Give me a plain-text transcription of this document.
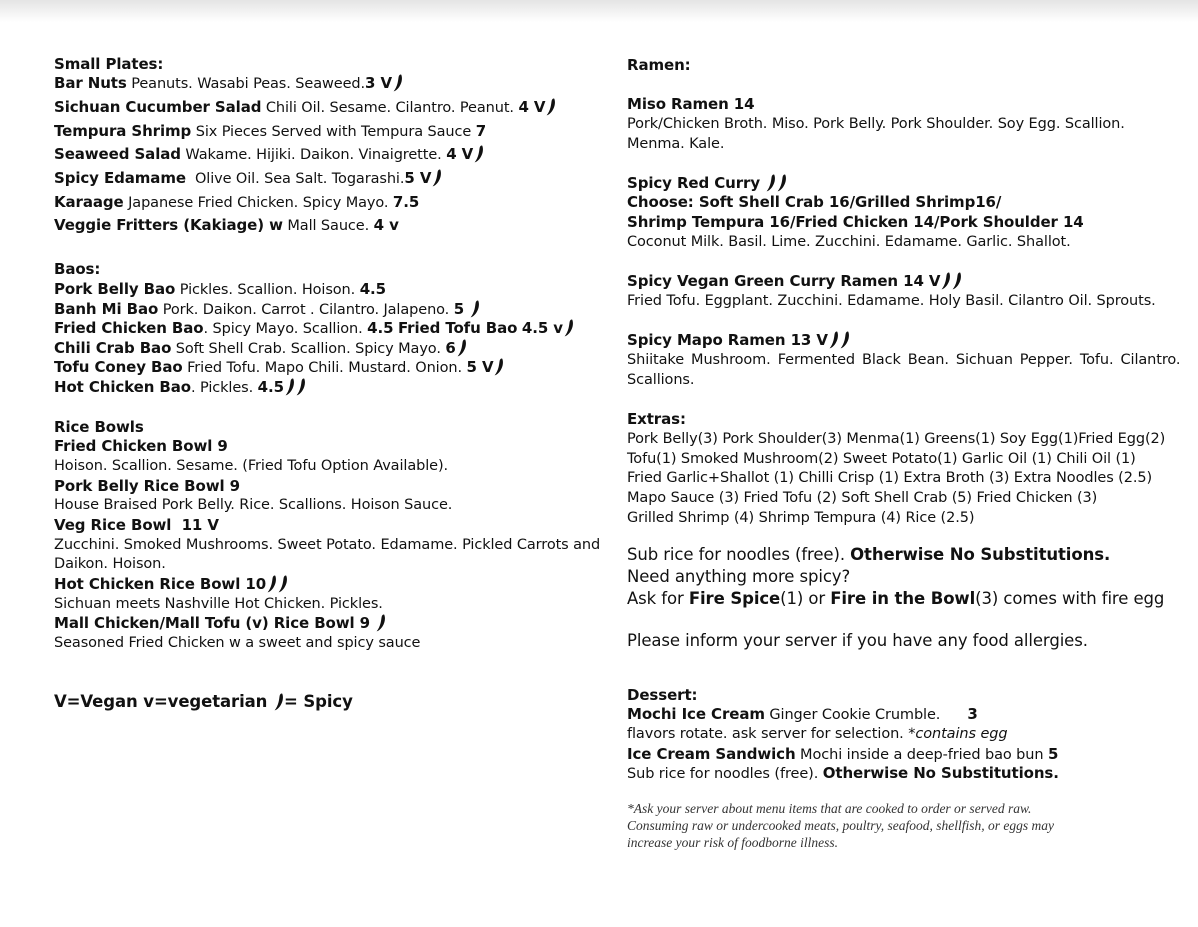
Small Plates:
Bar Nuts Peanuts. Wasabi Peas. Seaweed.3 V
Sichuan Cucumber Salad Chili Oil. Sesame. Cilantro. Peanut. 4 V
Tempura Shrimp Six Pieces Served with Tempura Sauce 7
Seaweed Salad Wakame. Hijiki. Daikon. Vinaigrette. 4 V
Spicy Edamame  Olive Oil. Sea Salt. Togarashi.5 V
Karaage Japanese Fried Chicken. Spicy Mayo. 7.5
Veggie Fritters (Kakiage) w Mall Sauce. 4 v
Baos:
Pork Belly Bao Pickles. Scallion. Hoison. 4.5
Banh Mi Bao Pork. Daikon. Carrot . Cilantro. Jalapeno. 5
Fried Chicken Bao. Spicy Mayo. Scallion. 4.5 Fried Tofu Bao 4.5 v
Chili Crab Bao Soft Shell Crab. Scallion. Spicy Mayo. 6
Tofu Coney Bao Fried Tofu. Mapo Chili. Mustard. Onion. 5 V
Hot Chicken Bao. Pickles. 4.5
Rice Bowls
Fried Chicken Bowl 9
Hoison. Scallion. Sesame. (Fried Tofu Option Available).
Pork Belly Rice Bowl 9
House Braised Pork Belly. Rice. Scallions. Hoison Sauce.
Veg Rice Bowl  11 V
Zucchini. Smoked Mushrooms. Sweet Potato. Edamame. Pickled Carrots and
Daikon. Hoison.
Hot Chicken Rice Bowl 10
Sichuan meets Nashville Hot Chicken. Pickles.
Mall Chicken/Mall Tofu (v) Rice Bowl 9
Seasoned Fried Chicken w a sweet and spicy sauce
V=Vegan v=vegetarian
= Spicy
Ramen:
Miso Ramen 14
Pork/Chicken Broth. Miso. Pork Belly. Pork Shoulder. Soy Egg. Scallion.
Menma. Kale.
Spicy Red Curry
Choose: Soft Shell Crab 16/Grilled Shrimp16/
Shrimp Tempura 16/Fried Chicken 14/Pork Shoulder 14
Coconut Milk. Basil. Lime. Zucchini. Edamame. Garlic. Shallot.
Spicy Vegan Green Curry Ramen 14 V
Fried Tofu. Eggplant. Zucchini. Edamame. Holy Basil. Cilantro Oil. Sprouts.
Spicy Mapo Ramen 13 V
Shiitake Mushroom. Fermented Black Bean. Sichuan Pepper. Tofu. Cilantro.
Scallions.
Extras:
Pork Belly(3) Pork Shoulder(3) Menma(1) Greens(1) Soy Egg(1)Fried Egg(2)
Tofu(1) Smoked Mushroom(2) Sweet Potato(1) Garlic Oil (1) Chili Oil (1)
Fried Garlic+Shallot (1) Chilli Crisp (1) Extra Broth (3) Extra Noodles (2.5)
Mapo Sauce (3) Fried Tofu (2) Soft Shell Crab (5) Fried Chicken (3)
Grilled Shrimp (4) Shrimp Tempura (4) Rice (2.5)
Sub rice for noodles (free). Otherwise No Substitutions.
Need anything more spicy?
Ask for Fire Spice(1) or Fire in the Bowl(3) comes with fire egg
Please inform your server if you have any food allergies.
Dessert:
Mochi Ice Cream Ginger Cookie Crumble. 3
flavors rotate. ask server for selection. *contains egg
Ice Cream Sandwich Mochi inside a deep-fried bao bun 5
Sub rice for noodles (free). Otherwise No Substitutions.
*Ask your server about menu items that are cooked to order or served raw.
Consuming raw or undercooked meats, poultry, seafood, shellfish, or eggs may
increase your risk of foodborne illness.
